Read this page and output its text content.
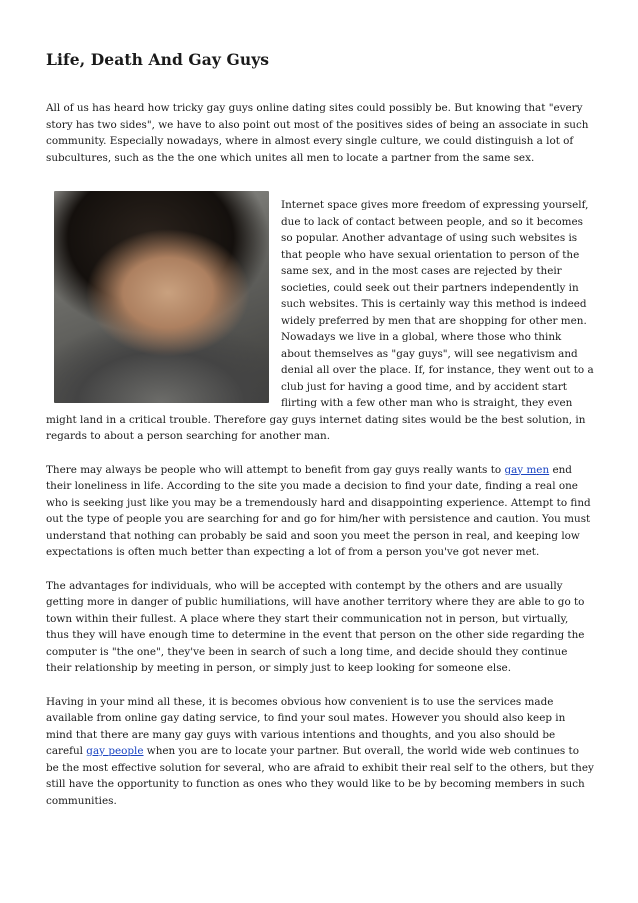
Life, Death And Gay Guys

All of us has heard how tricky gay guys online dating sites could possibly be. But knowing that "every story has two sides", we have to also point out most of the positives sides of being an associate in such community. Especially nowadays, where in almost every single culture, we could distinguish a lot of subcultures, such as the the one which unites all men to locate a partner from the same sex.

Internet space gives more freedom of expressing yourself, due to lack of contact between people, and so it becomes so popular. Another advantage of using such websites is that people who have sexual orientation to person of the same sex, and in the most cases are rejected by their societies, could seek out their partners independently in such websites. This is certainly way this method is indeed widely preferred by men that are shopping for other men. Nowadays we live in a global, where those who think about themselves as "gay guys", will see negativism and denial all over the place. If, for instance, they went out to a club just for having a good time, and by accident start flirting with a few other man who is straight, they even might land in a critical trouble. Therefore gay guys internet dating sites would be the best solution, in regards to about a person searching for another man.

There may always be people who will attempt to benefit from gay guys really wants to gay men end their loneliness in life. According to the site you made a decision to find your date, finding a real one who is seeking just like you may be a tremendously hard and disappointing experience. Attempt to find out the type of people you are searching for and go for him/her with persistence and caution. You must understand that nothing can probably be said and soon you meet the person in real, and keeping low expectations is often much better than expecting a lot of from a person you've got never met.

The advantages for individuals, who will be accepted with contempt by the others and are usually getting more in danger of public humiliations, will have another territory where they are able to go to town within their fullest. A place where they start their communication not in person, but virtually, thus they will have enough time to determine in the event that person on the other side regarding the computer is "the one", they've been in search of such a long time, and decide should they continue their relationship by meeting in person, or simply just to keep looking for someone else.

Having in your mind all these, it is becomes obvious how convenient is to use the services made available from online gay dating service, to find your soul mates. However you should also keep in mind that there are many gay guys with various intentions and thoughts, and you also should be careful gay people when you are to locate your partner. But overall, the world wide web continues to be the most effective solution for several, who are afraid to exhibit their real self to the others, but they still have the opportunity to function as ones who they would like to be by becoming members in such communities.
